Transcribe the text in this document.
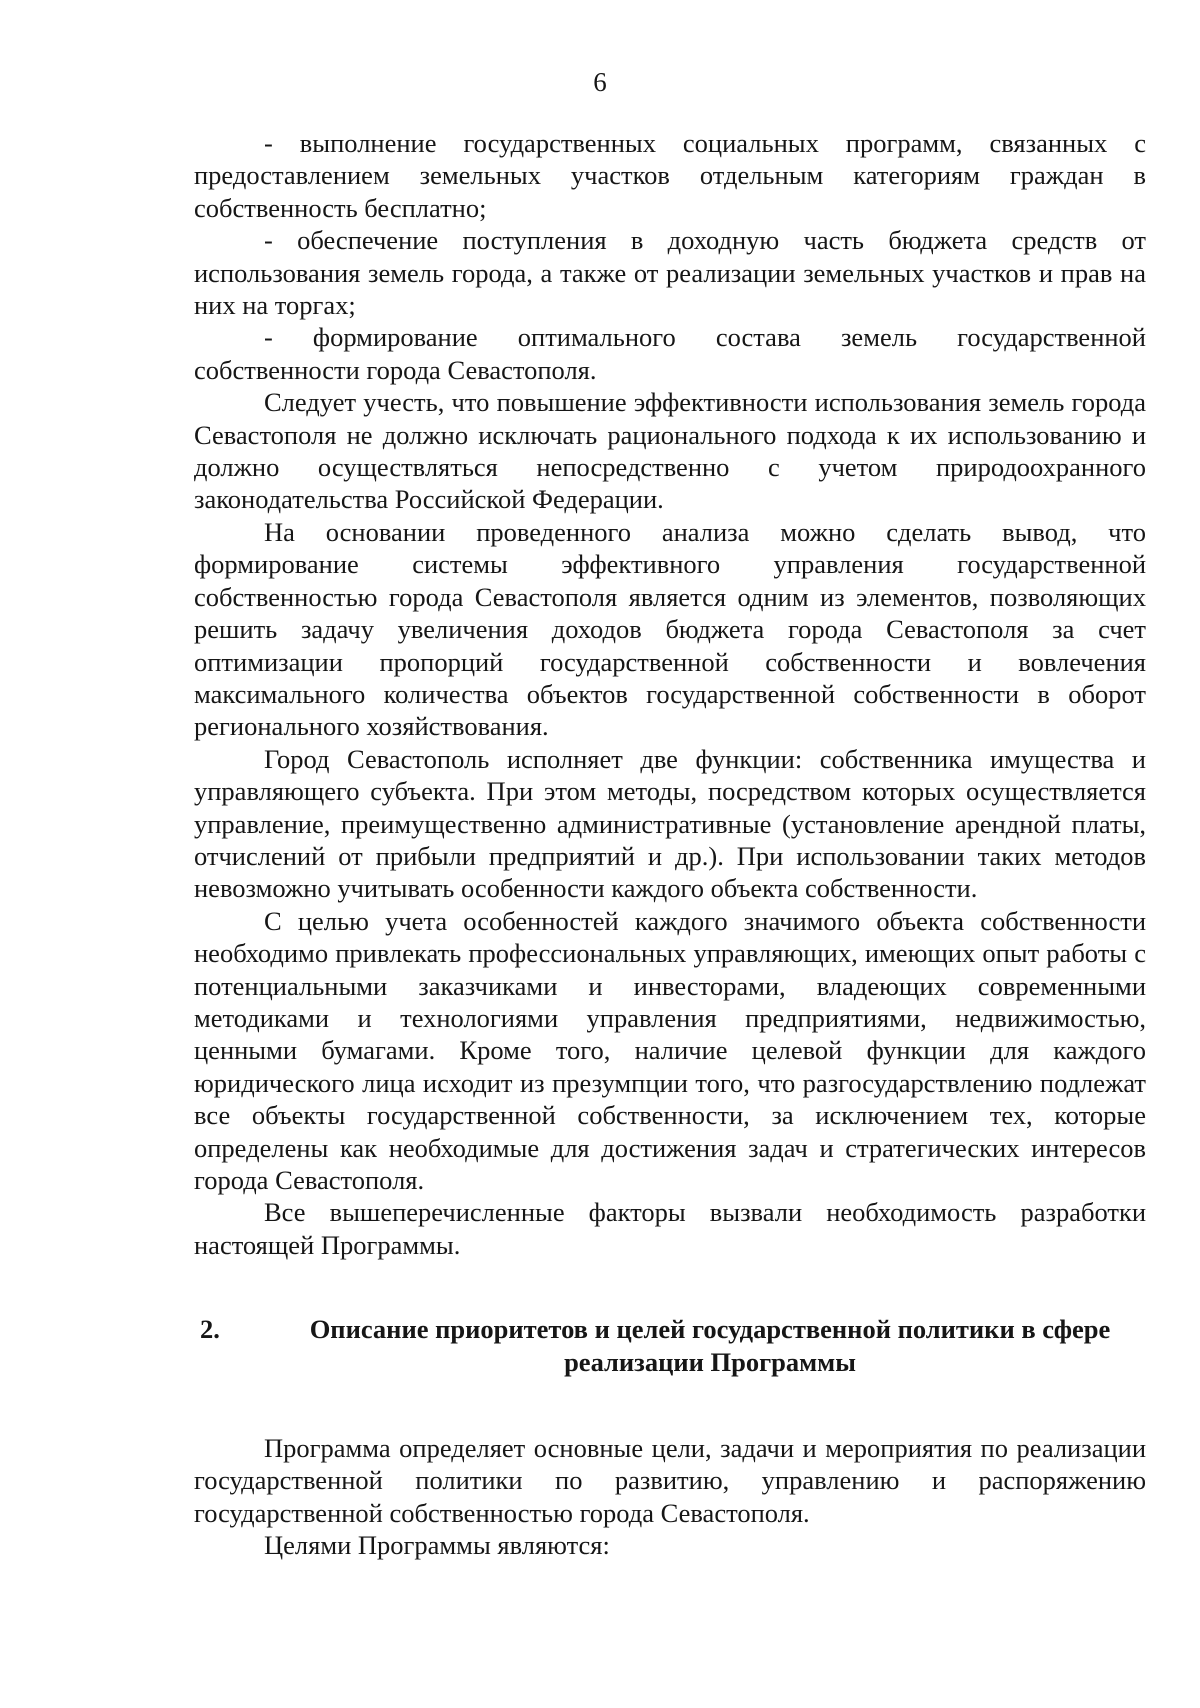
6

- выполнение государственных социальных программ, связанных с предоставлением земельных участков отдельным категориям граждан в собственность бесплатно;

- обеспечение поступления в доходную часть бюджета средств от использования земель города, а также от реализации земельных участков и прав на них на торгах;

- формирование оптимального состава земель государственной собственности города Севастополя.

Следует учесть, что повышение эффективности использования земель города Севастополя не должно исключать рационального подхода к их использованию и должно осуществляться непосредственно с учетом природоохранного законодательства Российской Федерации.

На основании проведенного анализа можно сделать вывод, что формирование системы эффективного управления государственной собственностью города Севастополя является одним из элементов, позволяющих решить задачу увеличения доходов бюджета города Севастополя за счет оптимизации пропорций государственной собственности и вовлечения максимального количества объектов государственной собственности в оборот регионального хозяйствования.

Город Севастополь исполняет две функции: собственника имущества и управляющего субъекта. При этом методы, посредством которых осуществляется управление, преимущественно административные (установление арендной платы, отчислений от прибыли предприятий и др.). При использовании таких методов невозможно учитывать особенности каждого объекта собственности.

С целью учета особенностей каждого значимого объекта собственности необходимо привлекать профессиональных управляющих, имеющих опыт работы с потенциальными заказчиками и инвесторами, владеющих современными методиками и технологиями управления предприятиями, недвижимостью, ценными бумагами. Кроме того, наличие целевой функции для каждого юридического лица исходит из презумпции того, что разгосударствлению подлежат все объекты государственной собственности, за исключением тех, которые определены как необходимые для достижения задач и стратегических интересов города Севастополя.

Все вышеперечисленные факторы вызвали необходимость разработки настоящей Программы.

2.	Описание приоритетов и целей государственной политики в сфере реализации Программы

Программа определяет основные цели, задачи и мероприятия по реализации государственной политики по развитию, управлению и распоряжению государственной собственностью города Севастополя.

Целями Программы являются:
